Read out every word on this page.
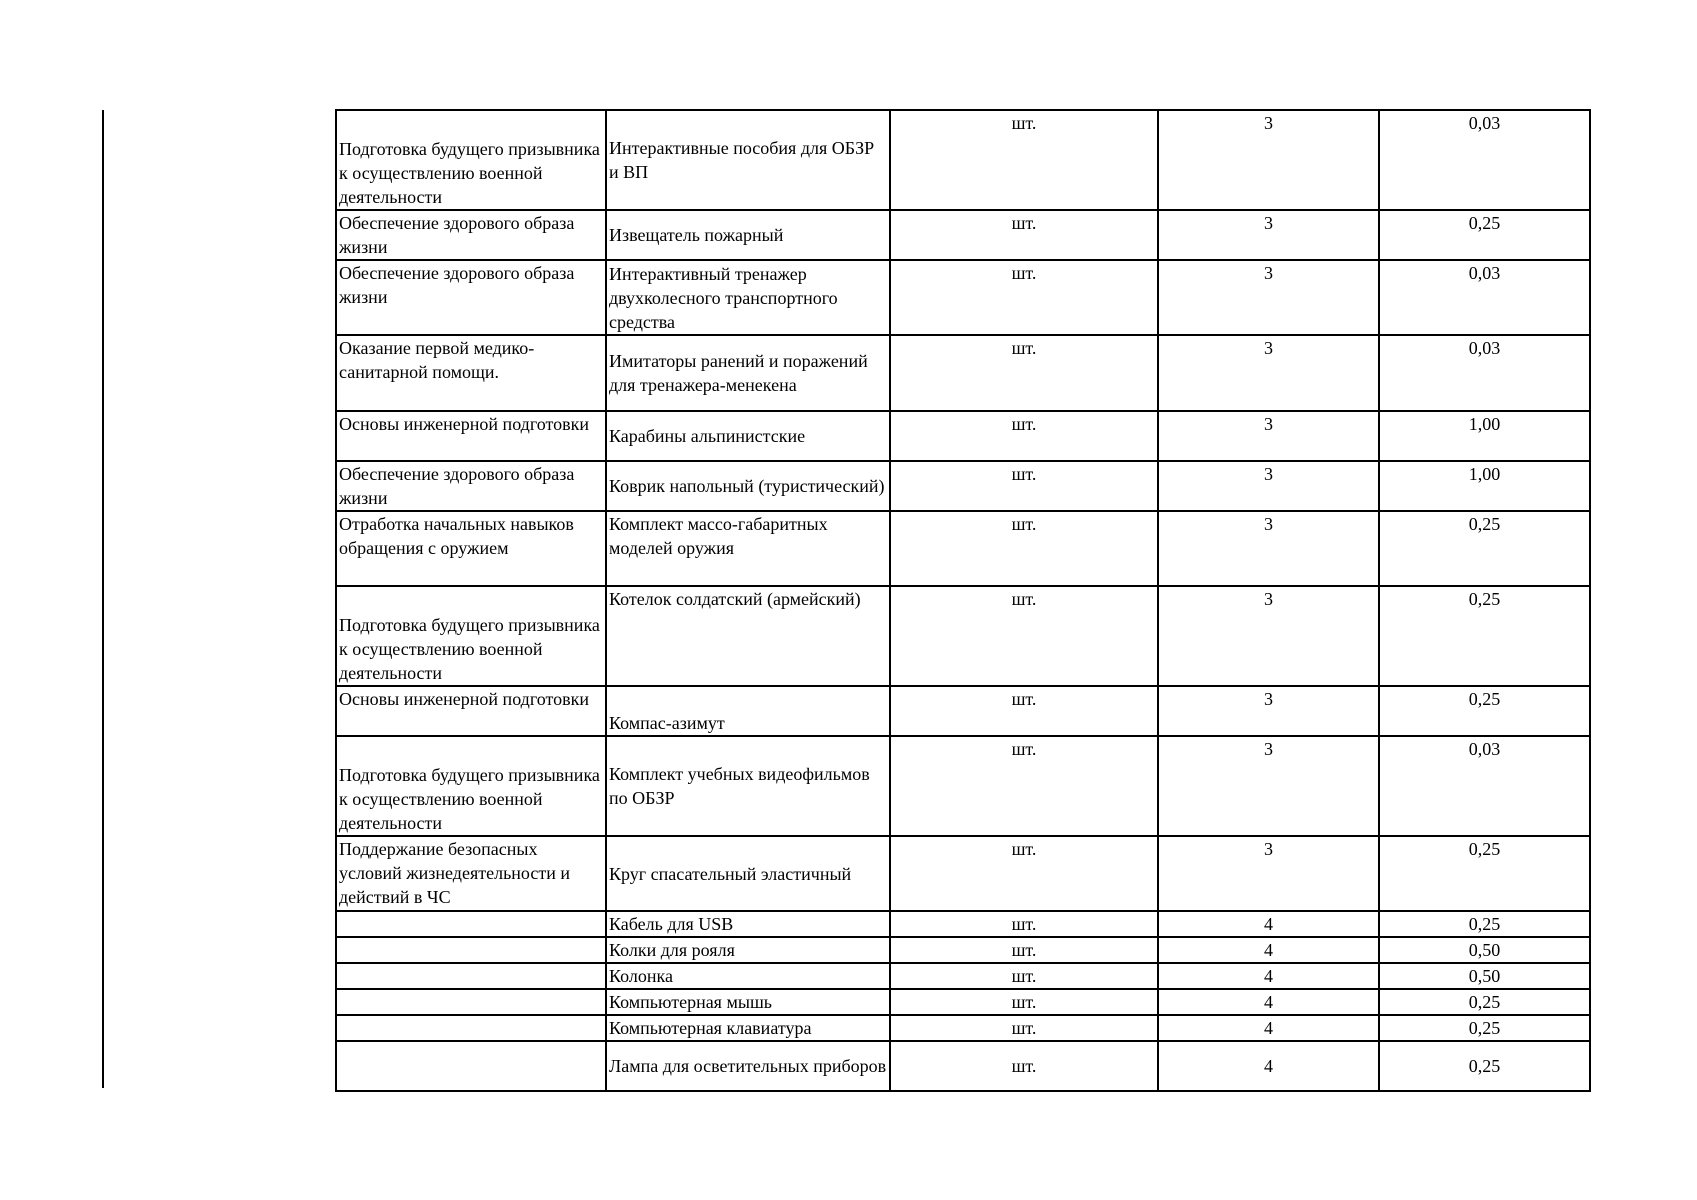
Подготовка будущего призывника к осуществлению военной деятельности	Интерактивные пособия для ОБЗР и ВП	шт.	3	0,03
Обеспечение здорового образа жизни	Извещатель пожарный	шт.	3	0,25
Обеспечение здорового образа жизни	Интерактивный тренажер двухколесного транспортного средства	шт.	3	0,03
Оказание первой медико-санитарной помощи.	Имитаторы ранений и поражений для тренажера-менекена	шт.	3	0,03
Основы инженерной подготовки	Карабины альпинистские	шт.	3	1,00
Обеспечение здорового образа жизни	Коврик напольный (туристический)	шт.	3	1,00
Отработка начальных навыков обращения с оружием	Комплект массо-габаритных моделей оружия	шт.	3	0,25
Подготовка будущего призывника к осуществлению военной деятельности	Котелок солдатский (армейский)	шт.	3	0,25
Основы инженерной подготовки	Компас-азимут	шт.	3	0,25
Подготовка будущего призывника к осуществлению военной деятельности	Комплект учебных видеофильмов по ОБЗР	шт.	3	0,03
Поддержание безопасных условий жизнедеятельности и действий в ЧС	Круг спасательный эластичный	шт.	3	0,25
	Кабель для USB	шт.	4	0,25
	Колки для рояля	шт.	4	0,50
	Колонка	шт.	4	0,50
	Компьютерная мышь	шт.	4	0,25
	Компьютерная клавиатура	шт.	4	0,25
	Лампа для осветительных приборов	шт.	4	0,25
